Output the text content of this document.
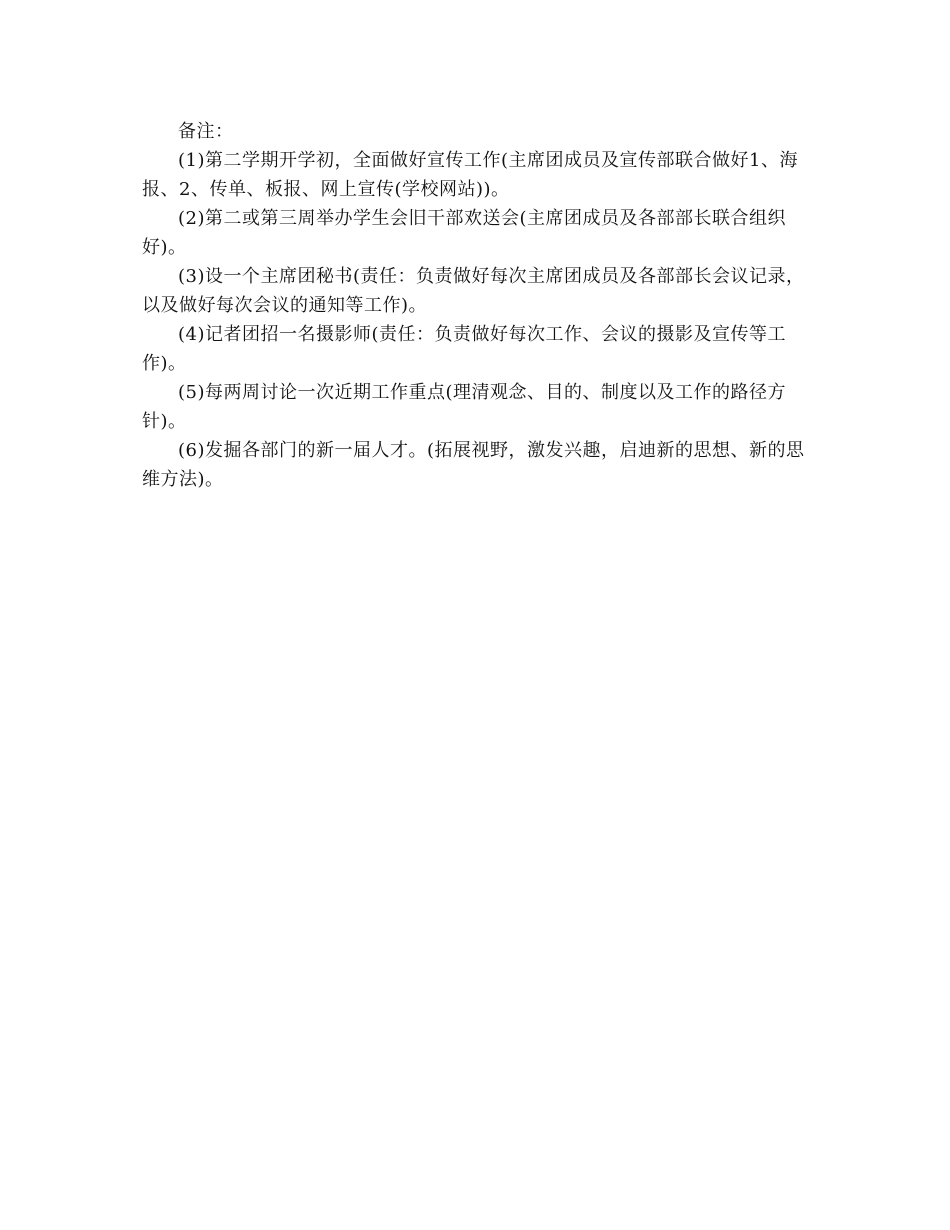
备注：

(1)第二学期开学初，全面做好宣传工作(主席团成员及宣传部联合做好1、海报、2、传单、板报、网上宣传(学校网站))。

(2)第二或第三周举办学生会旧干部欢送会(主席团成员及各部部长联合组织好)。

(3)设一个主席团秘书(责任：负责做好每次主席团成员及各部部长会议记录，以及做好每次会议的通知等工作)。

(4)记者团招一名摄影师(责任：负责做好每次工作、会议的摄影及宣传等工作)。

(5)每两周讨论一次近期工作重点(理清观念、目的、制度以及工作的路径方针)。

(6)发掘各部门的新一届人才。(拓展视野，激发兴趣，启迪新的思想、新的思维方法)。
